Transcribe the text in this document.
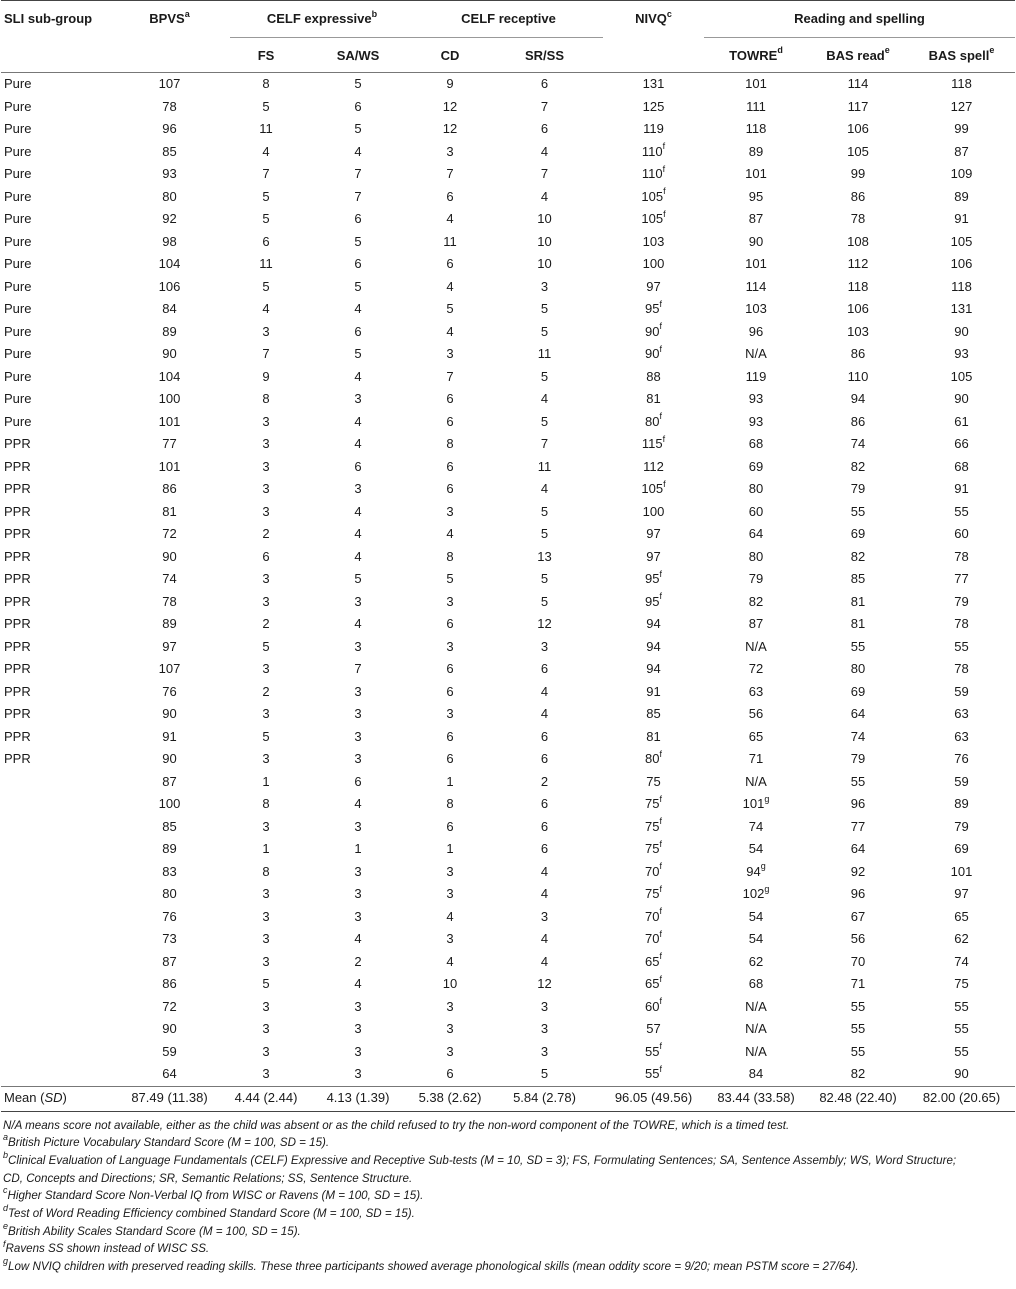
SLI sub-group	BPVS$^a$	CELF expressive$^b$		CELF receptive		NIVQ$^c$	Reading and spelling		
		FS	SA/WS	CD	SR/SS		TOWRE$^d$	BAS read$^e$	BAS spell$^e$
Pure	107	8	5	9	6	131	101	114	118
Pure	78	5	6	12	7	125	111	117	127
Pure	96	11	5	12	6	119	118	106	99
Pure	85	4	4	3	4	110$^f$	89	105	87
Pure	93	7	7	7	7	110$^f$	101	99	109
Pure	80	5	7	6	4	105$^f$	95	86	89
Pure	92	5	6	4	10	105$^f$	87	78	91
Pure	98	6	5	11	10	103	90	108	105
Pure	104	11	6	6	10	100	101	112	106
Pure	106	5	5	4	3	97	114	118	118
Pure	84	4	4	5	5	95$^f$	103	106	131
Pure	89	3	6	4	5	90$^f$	96	103	90
Pure	90	7	5	3	11	90$^f$	N/A	86	93
Pure	104	9	4	7	5	88	119	110	105
Pure	100	8	3	6	4	81	93	94	90
Pure	101	3	4	6	5	80$^f$	93	86	61
PPR	77	3	4	8	7	115$^f$	68	74	66
PPR	101	3	6	6	11	112	69	82	68
PPR	86	3	3	6	4	105$^f$	80	79	91
PPR	81	3	4	3	5	100	60	55	55
PPR	72	2	4	4	5	97	64	69	60
PPR	90	6	4	8	13	97	80	82	78
PPR	74	3	5	5	5	95$^f$	79	85	77
PPR	78	3	3	3	5	95$^f$	82	81	79
PPR	89	2	4	6	12	94	87	81	78
PPR	97	5	3	3	3	94	N/A	55	55
PPR	107	3	7	6	6	94	72	80	78
PPR	76	2	3	6	4	91	63	69	59
PPR	90	3	3	3	4	85	56	64	63
PPR	91	5	3	6	6	81	65	74	63
PPR	90	3	3	6	6	80$^f$	71	79	76
	87	1	6	1	2	75	N/A	55	59
	100	8	4	8	6	75$^f$	101$^g$	96	89
	85	3	3	6	6	75$^f$	74	77	79
	89	1	1	1	6	75$^f$	54	64	69
	83	8	3	3	4	70$^f$	94$^g$	92	101
	80	3	3	3	4	75$^f$	102$^g$	96	97
	76	3	3	4	3	70$^f$	54	67	65
	73	3	4	3	4	70$^f$	54	56	62
	87	3	2	4	4	65$^f$	62	70	74
	86	5	4	10	12	65$^f$	68	71	75
	72	3	3	3	3	60$^f$	N/A	55	55
	90	3	3	3	3	57	N/A	55	55
	59	3	3	3	3	55$^f$	N/A	55	55
	64	3	3	6	5	55$^f$	84	82	90
Mean (SD)	87.49 (11.38)	4.44 (2.44)	4.13 (1.39)	5.38 (2.62)	5.84 (2.78)	96.05 (49.56)	83.44 (33.58)	82.48 (22.40)	82.00 (20.65)
N/A means score not available, either as the child was absent or as the child refused to try the non-word component of the TOWRE, which is a timed test.
$^a$British Picture Vocabulary Standard Score (M = 100, SD = 15).
$^b$Clinical Evaluation of Language Fundamentals (CELF) Expressive and Receptive Sub-tests (M = 10, SD = 3); FS, Formulating Sentences; SA, Sentence Assembly; WS, Word Structure;
CD, Concepts and Directions; SR, Semantic Relations; SS, Sentence Structure.
$^c$Higher Standard Score Non-Verbal IQ from WISC or Ravens (M = 100, SD = 15).
$^d$Test of Word Reading Efficiency combined Standard Score (M = 100, SD = 15).
$^e$British Ability Scales Standard Score (M = 100, SD = 15).
$^f$Ravens SS shown instead of WISC SS.
$^g$Low NVIQ children with preserved reading skills. These three participants showed average phonological skills (mean oddity score = 9/20; mean PSTM score = 27/64).
